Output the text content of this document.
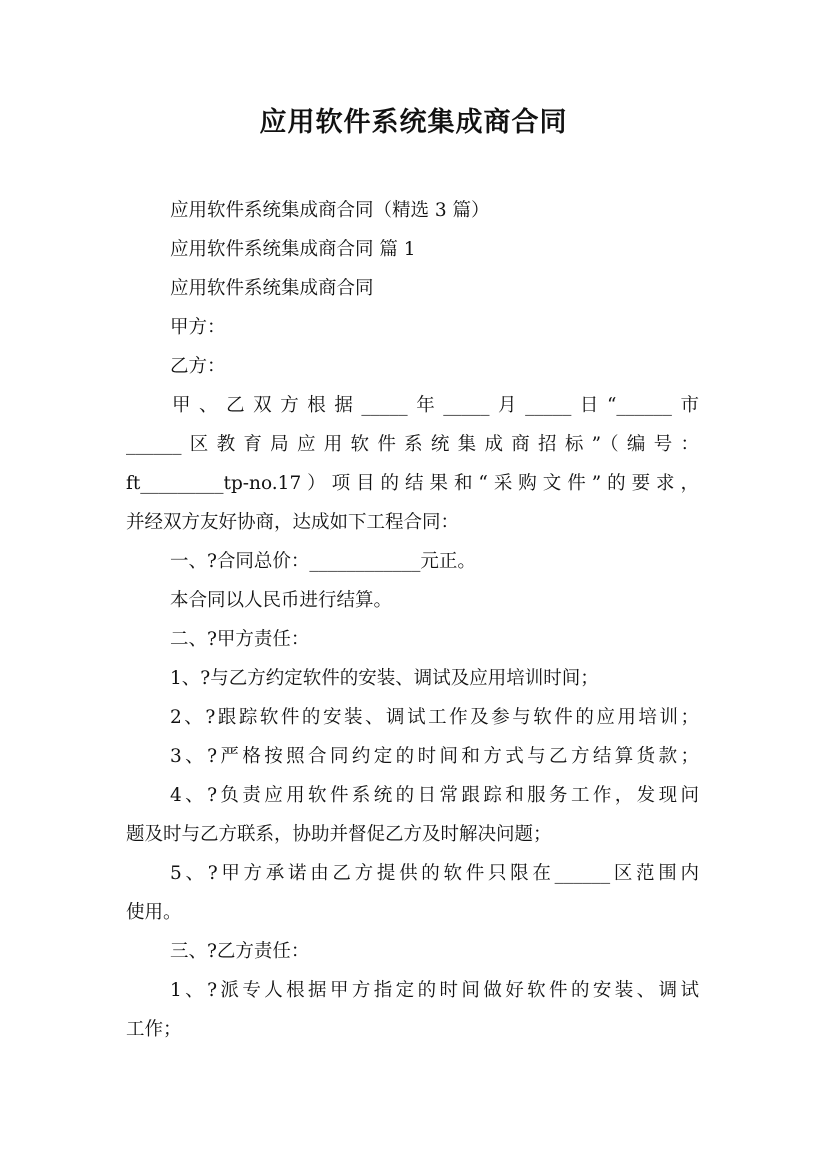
应用软件系统集成商合同
应用软件系统集成商合同（精选 3 篇）
应用软件系统集成商合同 篇 1
应用软件系统集成商合同
甲方：
乙方：
甲、乙双方根据_____年_____月_____日“______市
______区教育局应用软件系统集成商招标”（编号：
ft_________tp-no.17）项目的结果和“采购文件”的要求，
并经双方友好协商，达成如下工程合同：
一、?合同总价：____________元正。
本合同以人民币进行结算。
二、?甲方责任：
1、?与乙方约定软件的安装、调试及应用培训时间；
2、?跟踪软件的安装、调试工作及参与软件的应用培训；
3、?严格按照合同约定的时间和方式与乙方结算货款；
4、?负责应用软件系统的日常跟踪和服务工作，发现问
题及时与乙方联系，协助并督促乙方及时解决问题；
5、?甲方承诺由乙方提供的软件只限在______区范围内
使用。
三、?乙方责任：
1、?派专人根据甲方指定的时间做好软件的安装、调试
工作；
